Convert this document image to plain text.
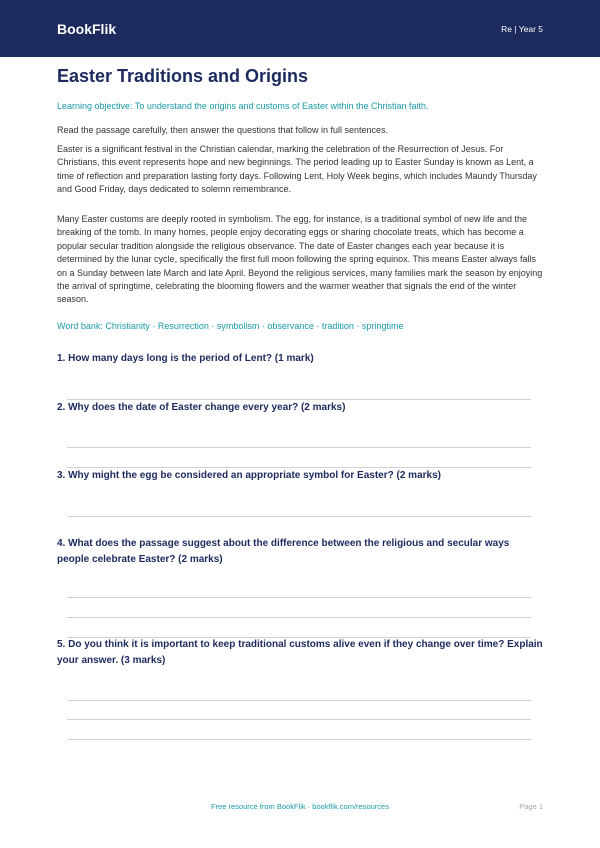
BookFlik	Re | Year 5
Easter Traditions and Origins
Learning objective: To understand the origins and customs of Easter within the Christian faith.
Read the passage carefully, then answer the questions that follow in full sentences.
Easter is a significant festival in the Christian calendar, marking the celebration of the Resurrection of Jesus. For Christians, this event represents hope and new beginnings. The period leading up to Easter Sunday is known as Lent, a time of reflection and preparation lasting forty days. Following Lent, Holy Week begins, which includes Maundy Thursday and Good Friday, days dedicated to solemn remembrance.
Many Easter customs are deeply rooted in symbolism. The egg, for instance, is a traditional symbol of new life and the breaking of the tomb. In many homes, people enjoy decorating eggs or sharing chocolate treats, which has become a popular secular tradition alongside the religious observance. The date of Easter changes each year because it is determined by the lunar cycle, specifically the first full moon following the spring equinox. This means Easter always falls on a Sunday between late March and late April. Beyond the religious services, many families mark the season by enjoying the arrival of springtime, celebrating the blooming flowers and the warmer weather that signals the end of the winter season.
Word bank: Christianity · Resurrection · symbolism · observance · tradition · springtime
1. How many days long is the period of Lent? (1 mark)
2. Why does the date of Easter change every year? (2 marks)
3. Why might the egg be considered an appropriate symbol for Easter? (2 marks)
4. What does the passage suggest about the difference between the religious and secular ways people celebrate Easter? (2 marks)
5. Do you think it is important to keep traditional customs alive even if they change over time? Explain your answer. (3 marks)
Free resource from BookFlik · bookflik.com/resources	Page 1
